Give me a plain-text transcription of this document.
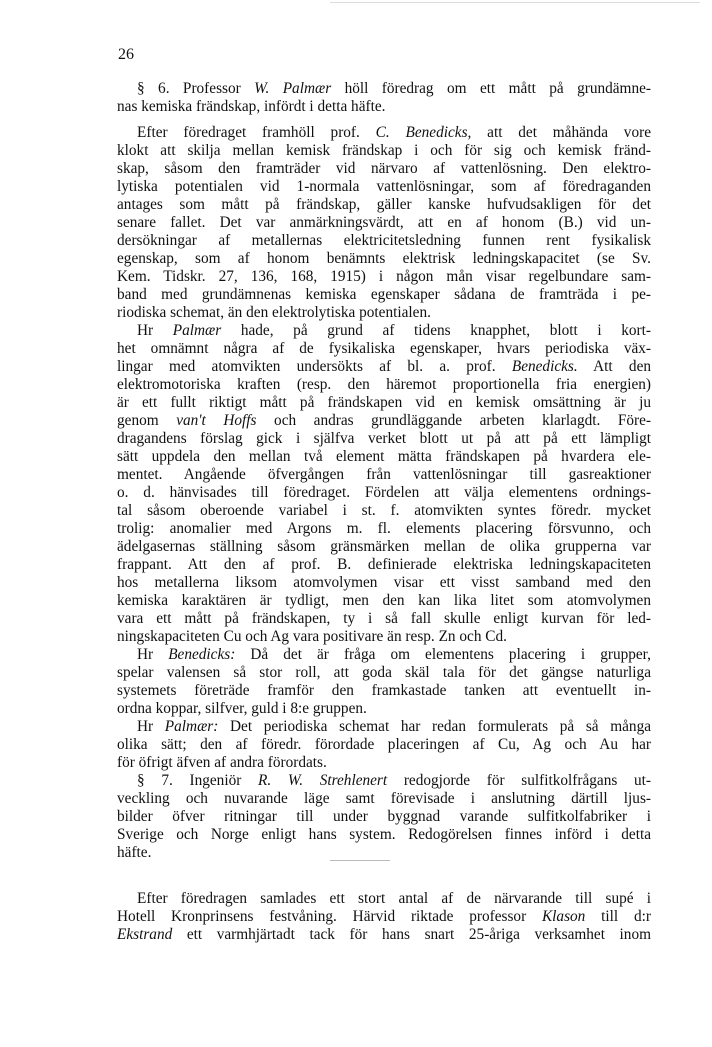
26
§ 6. Professor W. Palmær höll föredrag om ett mått på grundämne-
nas kemiska frändskap, infördt i detta häfte.
Efter föredraget framhöll prof. C. Benedicks, att det måhända vore
klokt att skilja mellan kemisk frändskap i och för sig och kemisk fränd-
skap, såsom den framträder vid närvaro af vattenlösning. Den elektro-
lytiska potentialen vid 1-normala vattenlösningar, som af föredraganden
antages som mått på frändskap, gäller kanske hufvudsakligen för det
senare fallet. Det var anmärkningsvärdt, att en af honom (B.) vid un-
dersökningar af metallernas elektricitetsledning funnen rent fysikalisk
egenskap, som af honom benämnts elektrisk ledningskapacitet (se Sv.
Kem. Tidskr. 27, 136, 168, 1915) i någon mån visar regelbundare sam-
band med grundämnenas kemiska egenskaper sådana de framträda i pe-
riodiska schemat, än den elektrolytiska potentialen.
Hr Palmær hade, på grund af tidens knapphet, blott i kort-
het omnämnt några af de fysikaliska egenskaper, hvars periodiska väx-
lingar med atomvikten undersökts af bl. a. prof. Benedicks. Att den
elektromotoriska kraften (resp. den häremot proportionella fria energien)
är ett fullt riktigt mått på frändskapen vid en kemisk omsättning är ju
genom van't Hoffs och andras grundläggande arbeten klarlagdt. Före-
dragandens förslag gick i själfva verket blott ut på att på ett lämpligt
sätt uppdela den mellan två element mätta frändskapen på hvardera ele-
mentet. Angående öfvergången från vattenlösningar till gasreaktioner
o. d. hänvisades till föredraget. Fördelen att välja elementens ordnings-
tal såsom oberoende variabel i st. f. atomvikten syntes föredr. mycket
trolig: anomalier med Argons m. fl. elements placering försvunno, och
ädelgasernas ställning såsom gränsmärken mellan de olika grupperna var
frappant. Att den af prof. B. definierade elektriska ledningskapaciteten
hos metallerna liksom atomvolymen visar ett visst samband med den
kemiska karaktären är tydligt, men den kan lika litet som atomvolymen
vara ett mått på frändskapen, ty i så fall skulle enligt kurvan för led-
ningskapaciteten Cu och Ag vara positivare än resp. Zn och Cd.
Hr Benedicks: Då det är fråga om elementens placering i grupper,
spelar valensen så stor roll, att goda skäl tala för det gängse naturliga
systemets företräde framför den framkastade tanken att eventuellt in-
ordna koppar, silfver, guld i 8:e gruppen.
Hr Palmær: Det periodiska schemat har redan formulerats på så många
olika sätt; den af föredr. förordade placeringen af Cu, Ag och Au har
för öfrigt äfven af andra förordats.
§ 7. Ingeniör R. W. Strehlenert redogjorde för sulfitkolfrågans ut-
veckling och nuvarande läge samt förevisade i anslutning därtill ljus-
bilder öfver ritningar till under byggnad varande sulfitkolfabriker i
Sverige och Norge enligt hans system. Redogörelsen finnes införd i detta
häfte.
Efter föredragen samlades ett stort antal af de närvarande till supé i
Hotell Kronprinsens festvåning. Härvid riktade professor Klason till d:r
Ekstrand ett varmhjärtadt tack för hans snart 25-åriga verksamhet inom
